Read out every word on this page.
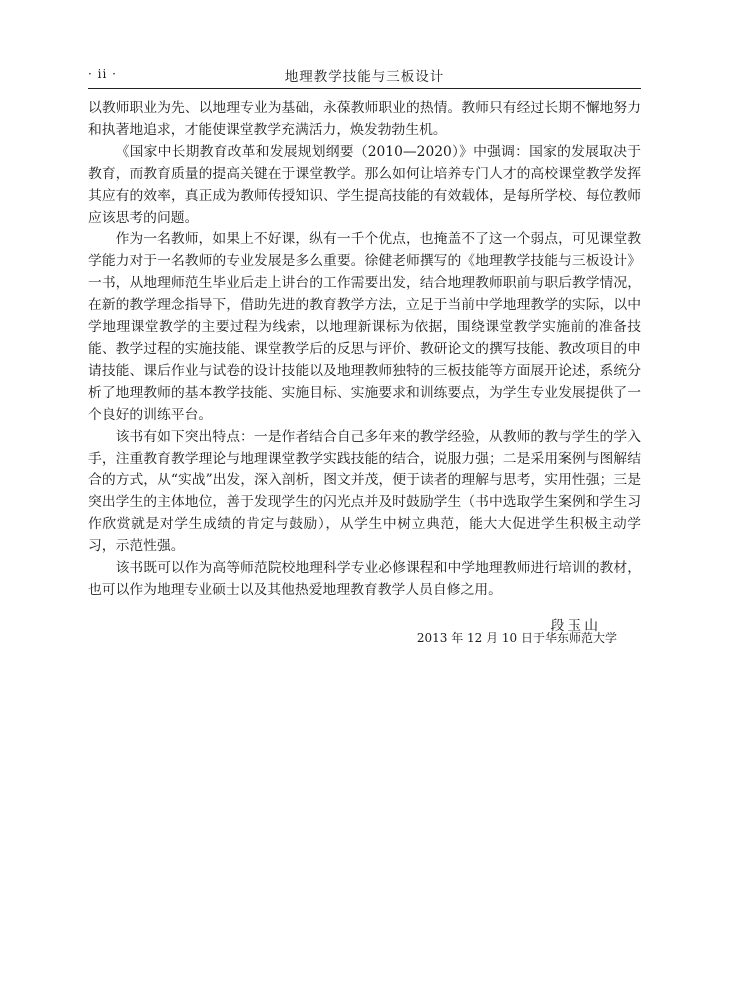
· ii ·	地理教学技能与三板设计

以教师职业为先、以地理专业为基础，永葆教师职业的热情。教师只有经过长期不懈地努力和执著地追求，才能使课堂教学充满活力，焕发勃勃生机。

《国家中长期教育改革和发展规划纲要（2010—2020）》中强调：国家的发展取决于教育，而教育质量的提高关键在于课堂教学。那么如何让培养专门人才的高校课堂教学发挥其应有的效率，真正成为教师传授知识、学生提高技能的有效载体，是每所学校、每位教师应该思考的问题。

作为一名教师，如果上不好课，纵有一千个优点，也掩盖不了这一个弱点，可见课堂教学能力对于一名教师的专业发展是多么重要。徐健老师撰写的《地理教学技能与三板设计》一书，从地理师范生毕业后走上讲台的工作需要出发，结合地理教师职前与职后教学情况，在新的教学理念指导下，借助先进的教育教学方法，立足于当前中学地理教学的实际，以中学地理课堂教学的主要过程为线索，以地理新课标为依据，围绕课堂教学实施前的准备技能、教学过程的实施技能、课堂教学后的反思与评价、教研论文的撰写技能、教改项目的申请技能、课后作业与试卷的设计技能以及地理教师独特的三板技能等方面展开论述，系统分析了地理教师的基本教学技能、实施目标、实施要求和训练要点，为学生专业发展提供了一个良好的训练平台。

该书有如下突出特点：一是作者结合自己多年来的教学经验，从教师的教与学生的学入手，注重教育教学理论与地理课堂教学实践技能的结合，说服力强；二是采用案例与图解结合的方式，从“实战”出发，深入剖析，图文并茂，便于读者的理解与思考，实用性强；三是突出学生的主体地位，善于发现学生的闪光点并及时鼓励学生（书中选取学生案例和学生习作欣赏就是对学生成绩的肯定与鼓励），从学生中树立典范，能大大促进学生积极主动学习，示范性强。

该书既可以作为高等师范院校地理科学专业必修课程和中学地理教师进行培训的教材，也可以作为地理专业硕士以及其他热爱地理教育教学人员自修之用。

段玉山
2013 年 12 月 10 日于华东师范大学
